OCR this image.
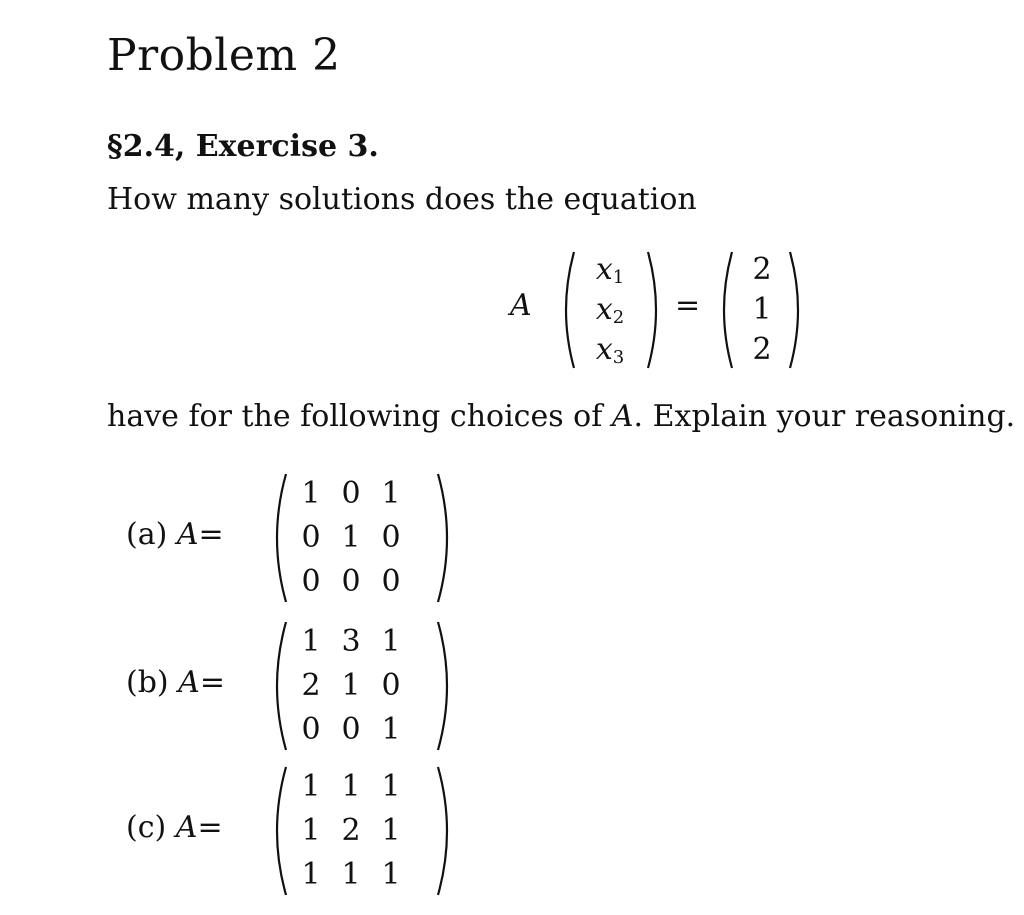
Problem 2
§2.4, Exercise 3.
How many solutions does the equation
A
$x_1$
$x_2$
$x_3$
=
2
1
2
have for the following choices of A. Explain your reasoning.
(a) A=
1 0 1
0 1 0
0 0 0
(b) A=
1 3 1
2 1 0
0 0 1
(c) A=
1 1 1
1 2 1
1 1 1
